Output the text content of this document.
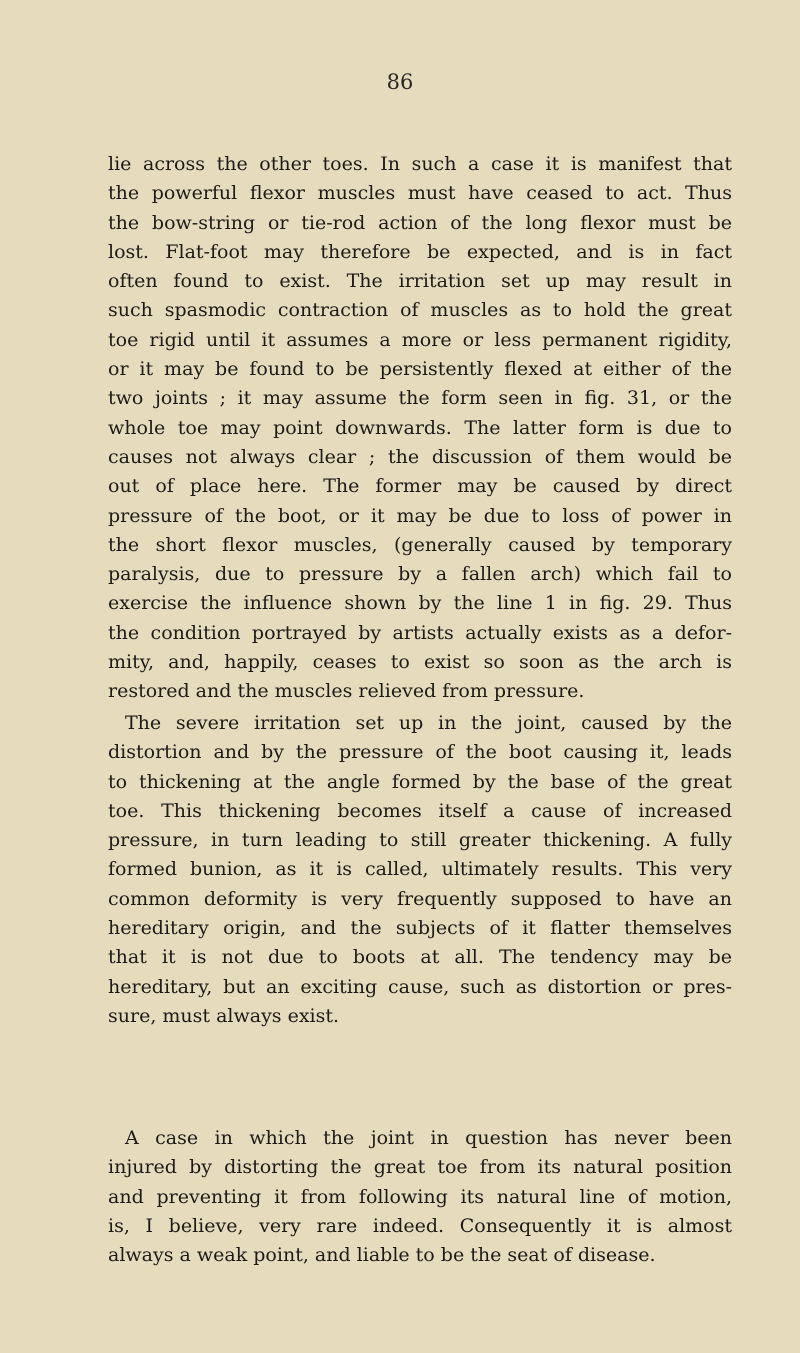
86
lie across the other toes. In such a case it is manifest that
the powerful flexor muscles must have ceased to act. Thus
the bow-string or tie-rod action of the long flexor must be
lost. Flat-foot may therefore be expected, and is in fact
often found to exist. The irritation set up may result in
such spasmodic contraction of muscles as to hold the great
toe rigid until it assumes a more or less permanent rigidity,
or it may be found to be persistently flexed at either of the
two joints ; it may assume the form seen in fig. 31, or the
whole toe may point downwards. The latter form is due to
causes not always clear ; the discussion of them would be
out of place here. The former may be caused by direct
pressure of the boot, or it may be due to loss of power in
the short flexor muscles, (generally caused by temporary
paralysis, due to pressure by a fallen arch) which fail to
exercise the influence shown by the line 1 in fig. 29. Thus
the condition portrayed by artists actually exists as a defor-
mity, and, happily, ceases to exist so soon as the arch is
restored and the muscles relieved from pressure.
The severe irritation set up in the joint, caused by the
distortion and by the pressure of the boot causing it, leads
to thickening at the angle formed by the base of the great
toe. This thickening becomes itself a cause of increased
pressure, in turn leading to still greater thickening. A fully
formed bunion, as it is called, ultimately results. This very
common deformity is very frequently supposed to have an
hereditary origin, and the subjects of it flatter themselves
that it is not due to boots at all. The tendency may be
hereditary, but an exciting cause, such as distortion or pres-
sure, must always exist.
A case in which the joint in question has never been
injured by distorting the great toe from its natural position
and preventing it from following its natural line of motion,
is, I believe, very rare indeed. Consequently it is almost
always a weak point, and liable to be the seat of disease.
